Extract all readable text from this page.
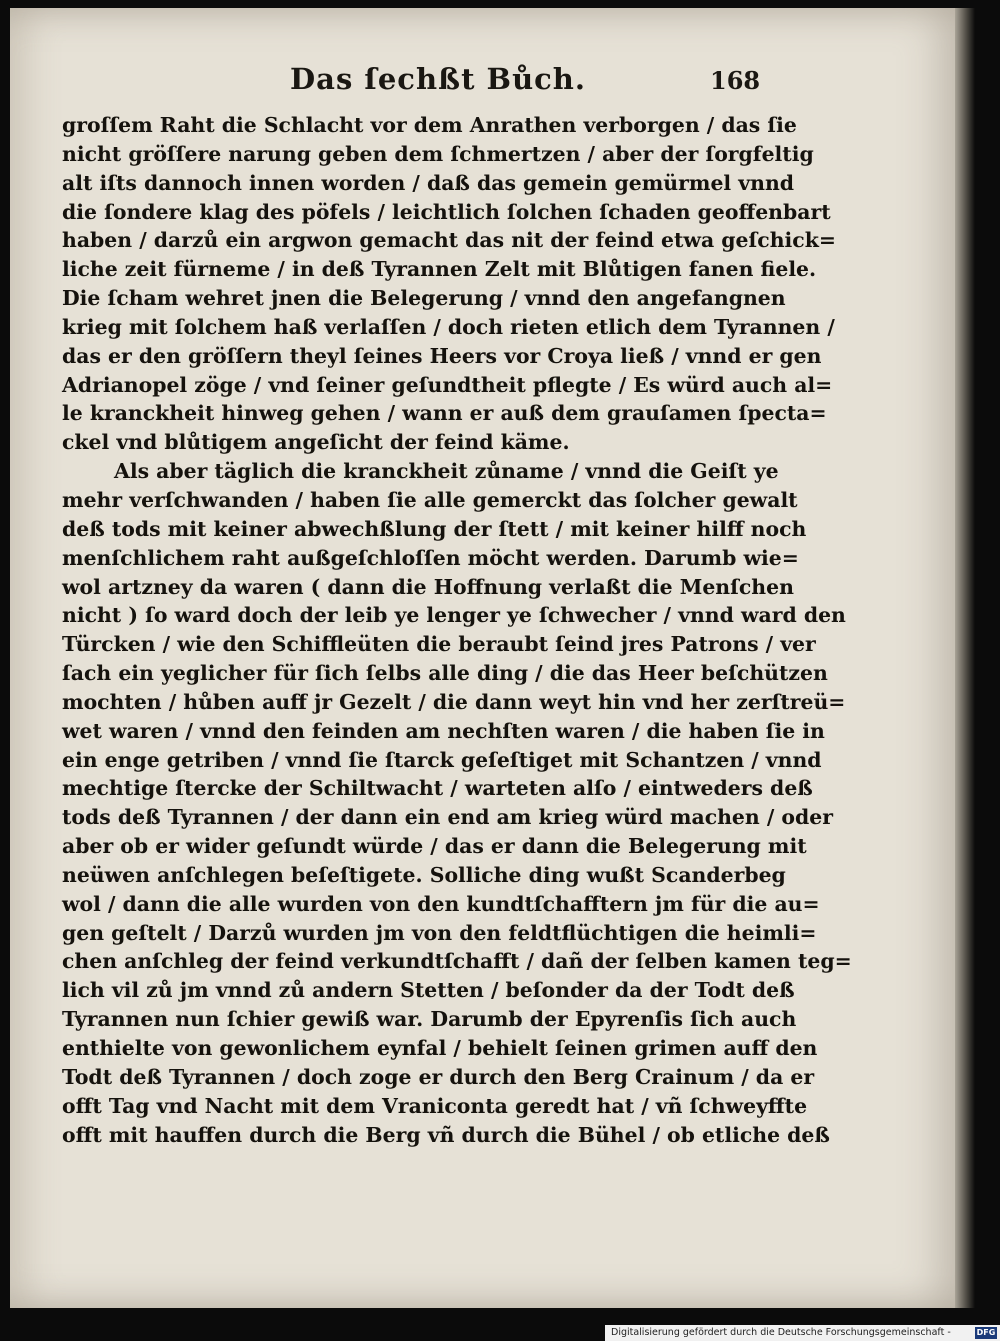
Das ſechßt Bůch.	168
groſſem Raht die Schlacht vor dem Anrathen verborgen / das ſie
nicht gröſſere narung geben dem ſchmertzen / aber der ſorgfeltig
alt iſts dannoch innen worden / daß das gemein gemürmel vnnd
die ſondere klag des pöfels / leichtlich ſolchen ſchaden geoffenbart
haben / darzů ein argwon gemacht das nit der feind etwa geſchick=
liche zeit fürneme / in deß Tyrannen Zelt mit Blůtigen fanen fiele.
Die ſcham wehret jnen die Belegerung / vnnd den angefangnen
krieg mit ſolchem haß verlaſſen / doch rieten etlich dem Tyrannen /
das er den gröſſern theyl ſeines Heers vor Croya ließ / vnnd er gen
Adrianopel zöge / vnd ſeiner geſundtheit pflegte / Es würd auch al=
le kranckheit hinweg gehen / wann er auß dem grauſamen ſpecta=
ckel vnd blůtigem angeſicht der feind käme.
Als aber täglich die kranckheit zůname / vnnd die Geiſt ye
mehr verſchwanden / haben ſie alle gemerckt das ſolcher gewalt
deß tods mit keiner abwechßlung der ſtett / mit keiner hilff noch
menſchlichem raht außgeſchloſſen möcht werden. Darumb wie=
wol artzney da waren ( dann die Hoffnung verlaßt die Menſchen
nicht ) ſo ward doch der leib ye lenger ye ſchwecher / vnnd ward den
Türcken / wie den Schiffleüten die beraubt ſeind jres Patrons / ver
ſach ein yeglicher für ſich ſelbs alle ding / die das Heer beſchützen
mochten / hůben auff jr Gezelt / die dann weyt hin vnd her zerſtreü=
wet waren / vnnd den feinden am nechſten waren / die haben ſie in
ein enge getriben / vnnd ſie ſtarck geſeſtiget mit Schantzen / vnnd
mechtige ſtercke der Schiltwacht / warteten alſo / eintweders deß
tods deß Tyrannen / der dann ein end am krieg würd machen / oder
aber ob er wider geſundt würde / das er dann die Belegerung mit
neüwen anſchlegen beſeſtigete. Solliche ding wußt Scanderbeg
wol / dann die alle wurden von den kundtſchafftern jm für die au=
gen geſtelt / Darzů wurden jm von den feldtflüchtigen die heimli=
chen anſchleg der feind verkundtſchafft / dañ der ſelben kamen teg=
lich vil zů jm vnnd zů andern Stetten / beſonder da der Todt deß
Tyrannen nun ſchier gewiß war. Darumb der Epyrenſis ſich auch
enthielte von gewonlichem eynfal / behielt ſeinen grimen auff den
Todt deß Tyrannen / doch zoge er durch den Berg Crainum / da er
offt Tag vnd Nacht mit dem Vraniconta geredt hat / vñ ſchweyffte
offt mit hauffen durch die Berg vñ durch die Bühel / ob etliche deß
Digitalisierung gefördert durch die Deutsche Forschungsgemeinschaft -	DFG
